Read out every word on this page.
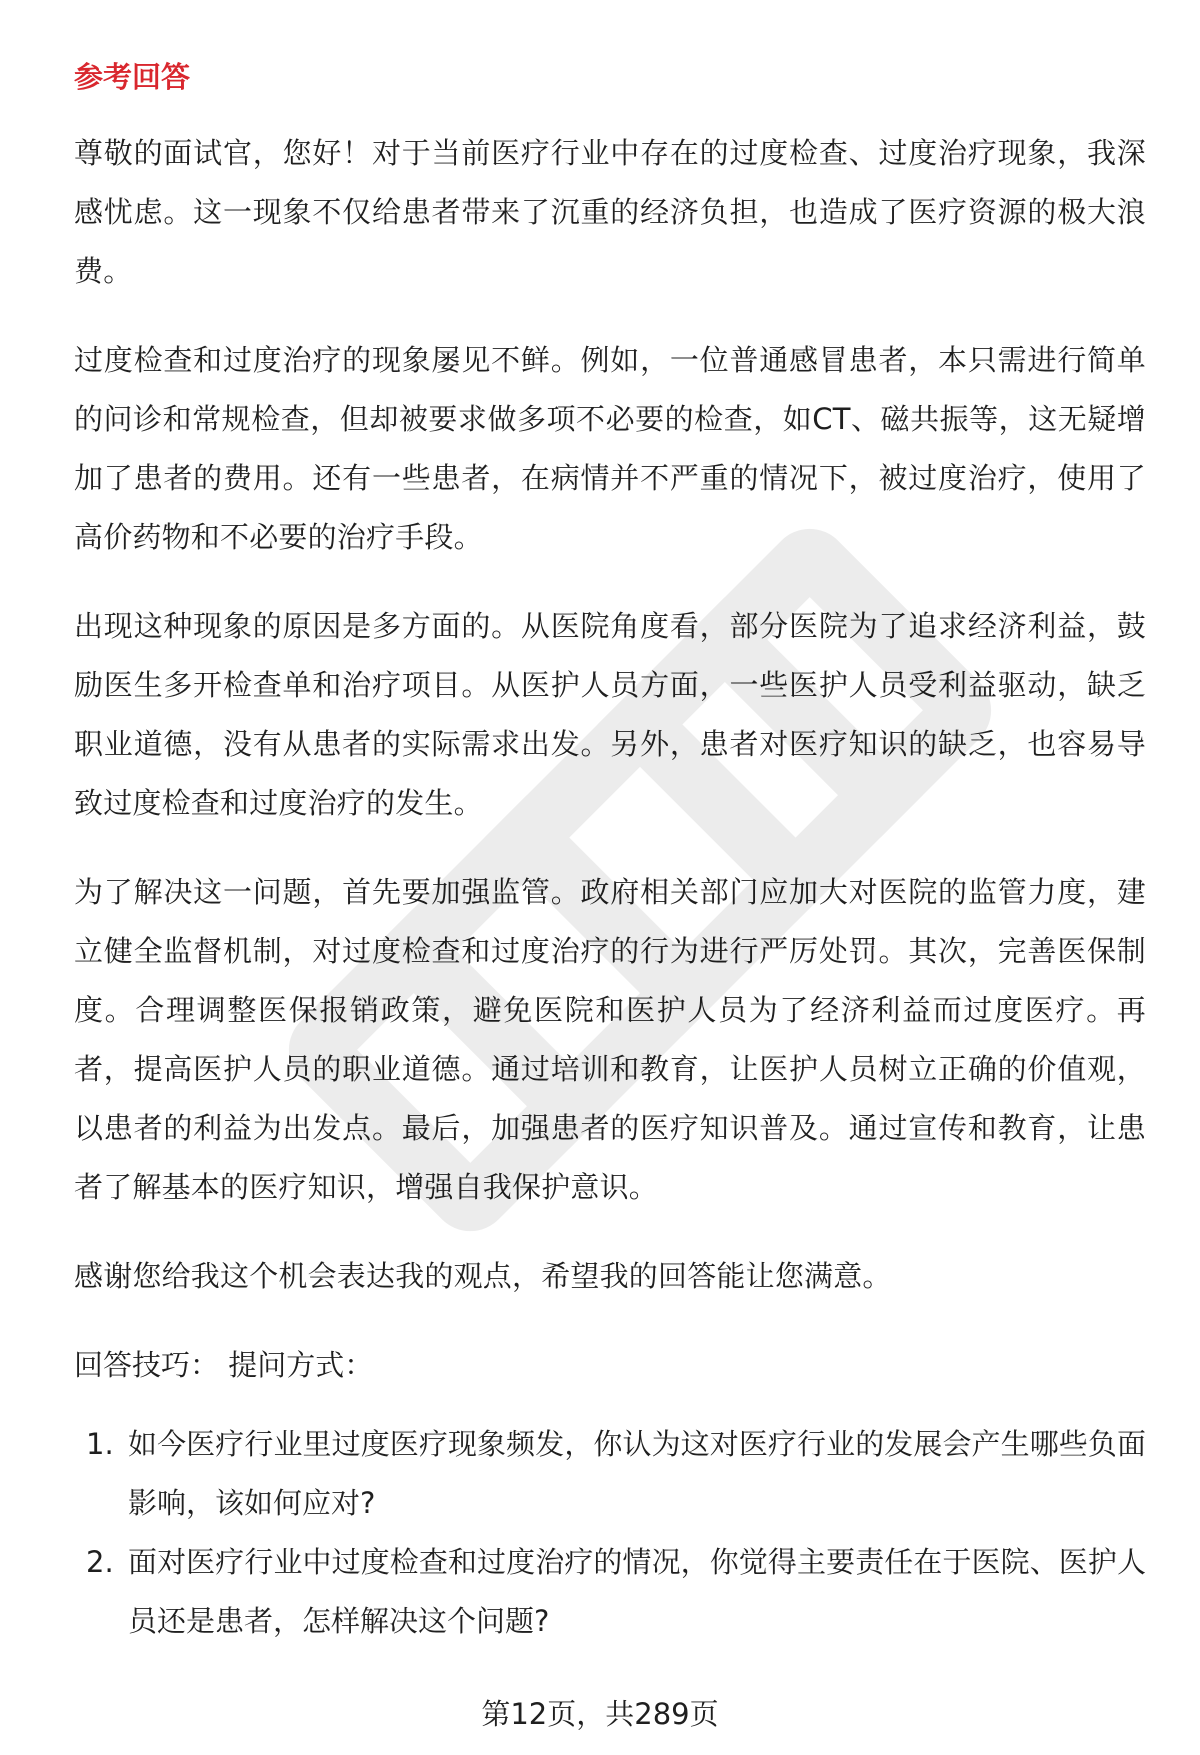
参考回答

尊敬的面试官，您好！对于当前医疗行业中存在的过度检查、过度治疗现象，我深感忧虑。这一现象不仅给患者带来了沉重的经济负担，也造成了医疗资源的极大浪费。

过度检查和过度治疗的现象屡见不鲜。例如，一位普通感冒患者，本只需进行简单的问诊和常规检查，但却被要求做多项不必要的检查，如CT、磁共振等，这无疑增加了患者的费用。还有一些患者，在病情并不严重的情况下，被过度治疗，使用了高价药物和不必要的治疗手段。

出现这种现象的原因是多方面的。从医院角度看，部分医院为了追求经济利益，鼓励医生多开检查单和治疗项目。从医护人员方面，一些医护人员受利益驱动，缺乏职业道德，没有从患者的实际需求出发。另外，患者对医疗知识的缺乏，也容易导致过度检查和过度治疗的发生。

为了解决这一问题，首先要加强监管。政府相关部门应加大对医院的监管力度，建立健全监督机制，对过度检查和过度治疗的行为进行严厉处罚。其次，完善医保制度。合理调整医保报销政策，避免医院和医护人员为了经济利益而过度医疗。再者，提高医护人员的职业道德。通过培训和教育，让医护人员树立正确的价值观，以患者的利益为出发点。最后，加强患者的医疗知识普及。通过宣传和教育，让患者了解基本的医疗知识，增强自我保护意识。

感谢您给我这个机会表达我的观点，希望我的回答能让您满意。

回答技巧： 提问方式：
1. 如今医疗行业里过度医疗现象频发，你认为这对医疗行业的发展会产生哪些负面影响，该如何应对?
2. 面对医疗行业中过度检查和过度治疗的情况，你觉得主要责任在于医院、医护人员还是患者，怎样解决这个问题?
第12页，共289页
